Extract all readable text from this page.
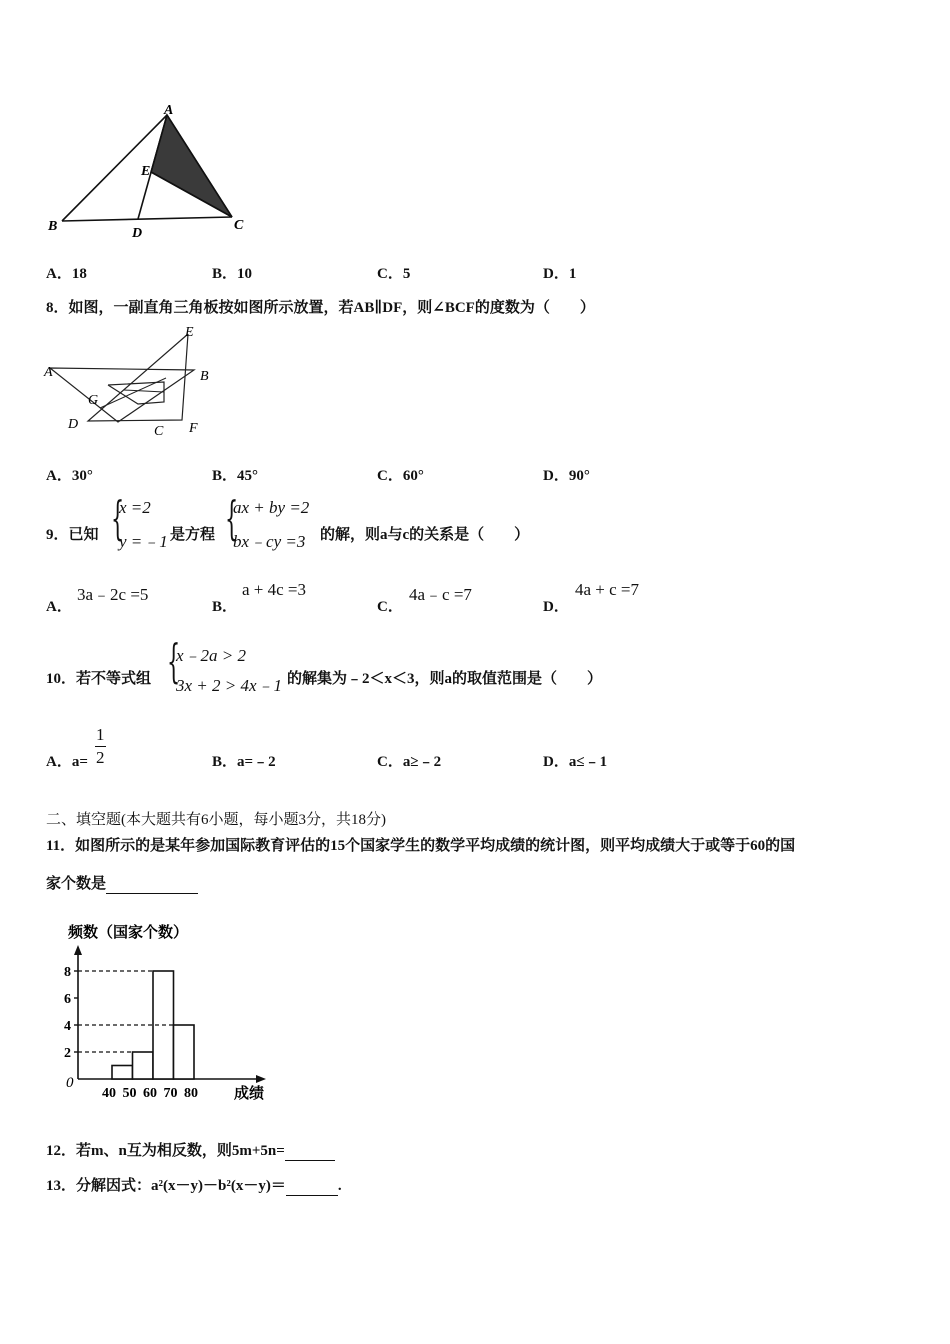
A
E
B	D
C
A．18	B．10	C．5	D．1
8．如图，一副直角三角板按如图所示放置，若AB∥DF，则∠BCF的度数为（　　）
A
E
B
G
D	C F
A．30°	B．45°	C．60°	D．90°
9．已知 {
x =2
y =﹣1 是方程 {
ax + by =2
bx﹣cy =3 的解，则a与c的关系是（　　）
A．
3a﹣2c =5
B．
a + 4c =3
C．
4a﹣c =7
D．
4a + c =7
10．若不等式组 {
x﹣2a > 2
3x + 2 > 4x﹣1 的解集为﹣2＜x＜3，则a的取值范围是（　　）
A．a=
1
2	B．a=﹣2	C．a≥﹣2	D．a≤﹣1
二、填空题(本大题共有6小题，每小题3分，共18分)
11．如图所示的是某年参加国际教育评估的15个国家学生的数学平均成绩的统计图，则平均成绩大于或等于60的国
家个数是
频数（国家个数）
0
成绩
2
4
6
8
40 50 60 70 80
12．若m、n互为相反数，则5m+5n=
13．分解因式：a²(x－y)－b²(x－y)＝	.
